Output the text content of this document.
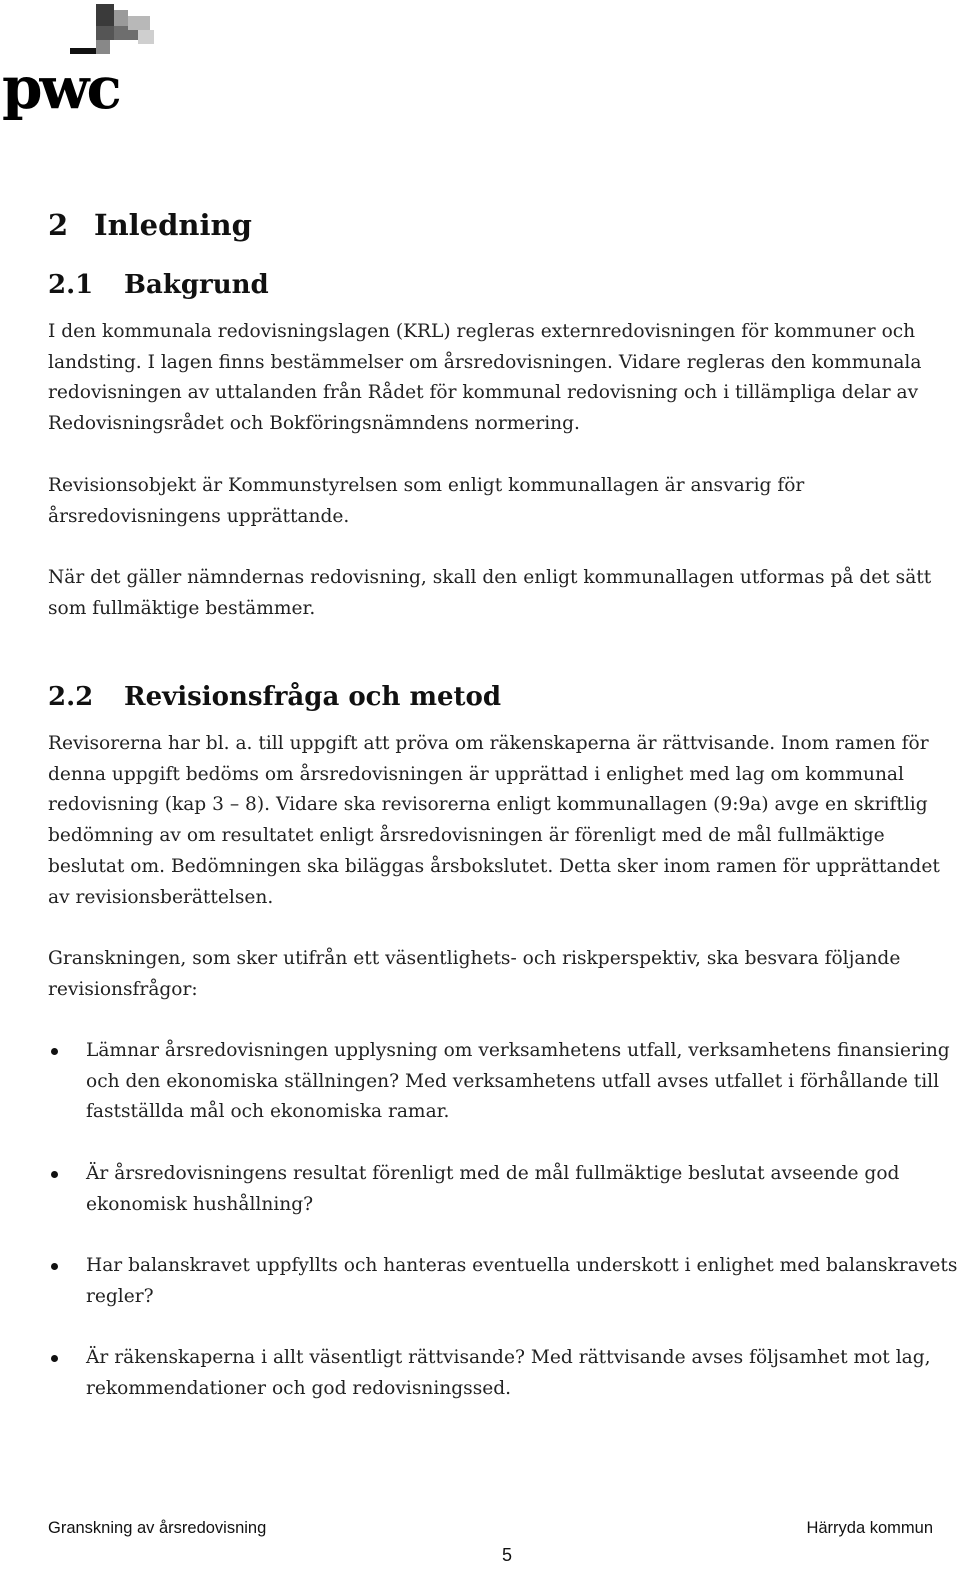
pwc
2 Inledning
2.1 Bakgrund

I den kommunala redovisningslagen (KRL) regleras externredovisningen för kommuner och landsting. I lagen finns bestämmelser om årsredovisningen. Vidare regleras den kommunala redovisningen av uttalanden från Rådet för kommunal redovisning och i tillämpliga delar av Redovisningsrådet och Bokföringsnämndens normering.

Revisionsobjekt är Kommunstyrelsen som enligt kommunallagen är ansvarig för årsredovisningens upprättande.

När det gäller nämndernas redovisning, skall den enligt kommunallagen utformas på det sätt som fullmäktige bestämmer.

2.2 Revisionsfråga och metod

Revisorerna har bl. a. till uppgift att pröva om räkenskaperna är rättvisande. Inom ramen för denna uppgift bedöms om årsredovisningen är upprättad i enlighet med lag om kommunal redovisning (kap 3 – 8). Vidare ska revisorerna enligt kommunallagen (9:9a) avge en skriftlig bedömning av om resultatet enligt årsredovisningen är förenligt med de mål fullmäktige beslutat om. Bedömningen ska biläggas årsbokslutet. Detta sker inom ramen för upprättandet av revisionsberättelsen.

Granskningen, som sker utifrån ett väsentlighets- och riskperspektiv, ska besvara följande revisionsfrågor:

Lämnar årsredovisningen upplysning om verksamhetens utfall, verksamhetens finansiering och den ekonomiska ställningen? Med verksamhetens utfall avses utfallet i förhållande till fastställda mål och ekonomiska ramar.
Är årsredovisningens resultat förenligt med de mål fullmäktige beslutat avseende god ekonomisk hushållning?
Har balanskravet uppfyllts och hanteras eventuella underskott i enlighet med balanskravets regler?
Är räkenskaperna i allt väsentligt rättvisande? Med rättvisande avses följsamhet mot lag, rekommendationer och god redovisningssed.
Granskning av årsredovisning	Härryda kommun
5
